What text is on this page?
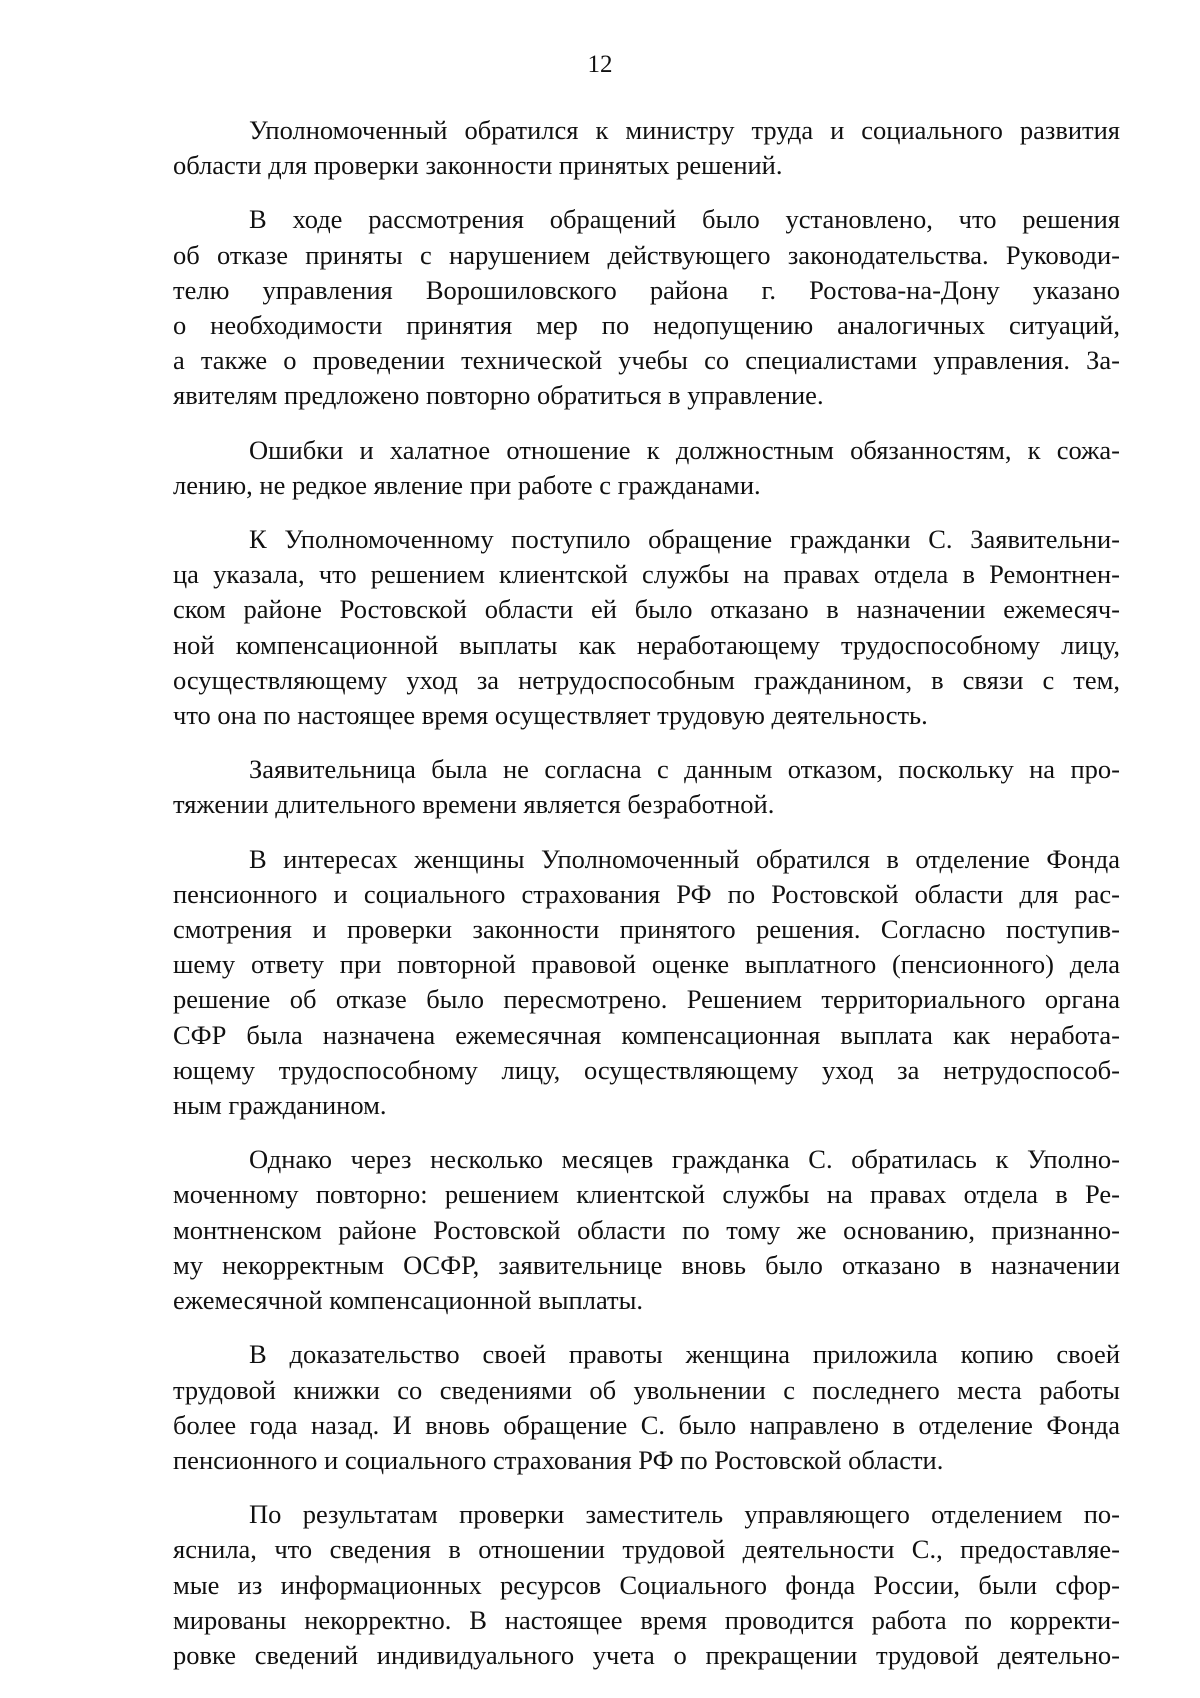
12

Уполномоченный обратился к министру труда и социального развития
области для проверки законности принятых решений.

В ходе рассмотрения обращений было установлено, что решения
об отказе приняты с нарушением действующего законодательства. Руководи-
телю управления Ворошиловского района г. Ростова-на-Дону указано
о необходимости принятия мер по недопущению аналогичных ситуаций,
а также о проведении технической учебы со специалистами управления. За-
явителям предложено повторно обратиться в управление.

Ошибки и халатное отношение к должностным обязанностям, к сожа-
лению, не редкое явление при работе с гражданами.

К Уполномоченному поступило обращение гражданки С. Заявительни-
ца указала, что решением клиентской службы на правах отдела в Ремонтнен-
ском районе Ростовской области ей было отказано в назначении ежемесяч-
ной компенсационной выплаты как неработающему трудоспособному лицу,
осуществляющему уход за нетрудоспособным гражданином, в связи с тем,
что она по настоящее время осуществляет трудовую деятельность.

Заявительница была не согласна с данным отказом, поскольку на про-
тяжении длительного времени является безработной.

В интересах женщины Уполномоченный обратился в отделение Фонда
пенсионного и социального страхования РФ по Ростовской области для рас-
смотрения и проверки законности принятого решения. Согласно поступив-
шему ответу при повторной правовой оценке выплатного (пенсионного) дела
решение об отказе было пересмотрено. Решением территориального органа
СФР была назначена ежемесячная компенсационная выплата как неработа-
ющему трудоспособному лицу, осуществляющему уход за нетрудоспособ-
ным гражданином.

Однако через несколько месяцев гражданка С. обратилась к Уполно-
моченному повторно: решением клиентской службы на правах отдела в Ре-
монтненском районе Ростовской области по тому же основанию, признанно-
му некорректным ОСФР, заявительнице вновь было отказано в назначении
ежемесячной компенсационной выплаты.

В доказательство своей правоты женщина приложила копию своей
трудовой книжки со сведениями об увольнении с последнего места работы
более года назад. И вновь обращение С. было направлено в отделение Фонда
пенсионного и социального страхования РФ по Ростовской области.

По результатам проверки заместитель управляющего отделением по-
яснила, что сведения в отношении трудовой деятельности С., предоставляе-
мые из информационных ресурсов Социального фонда России, были сфор-
мированы некорректно. В настоящее время проводится работа по корректи-
ровке сведений индивидуального учета о прекращении трудовой деятельно-
